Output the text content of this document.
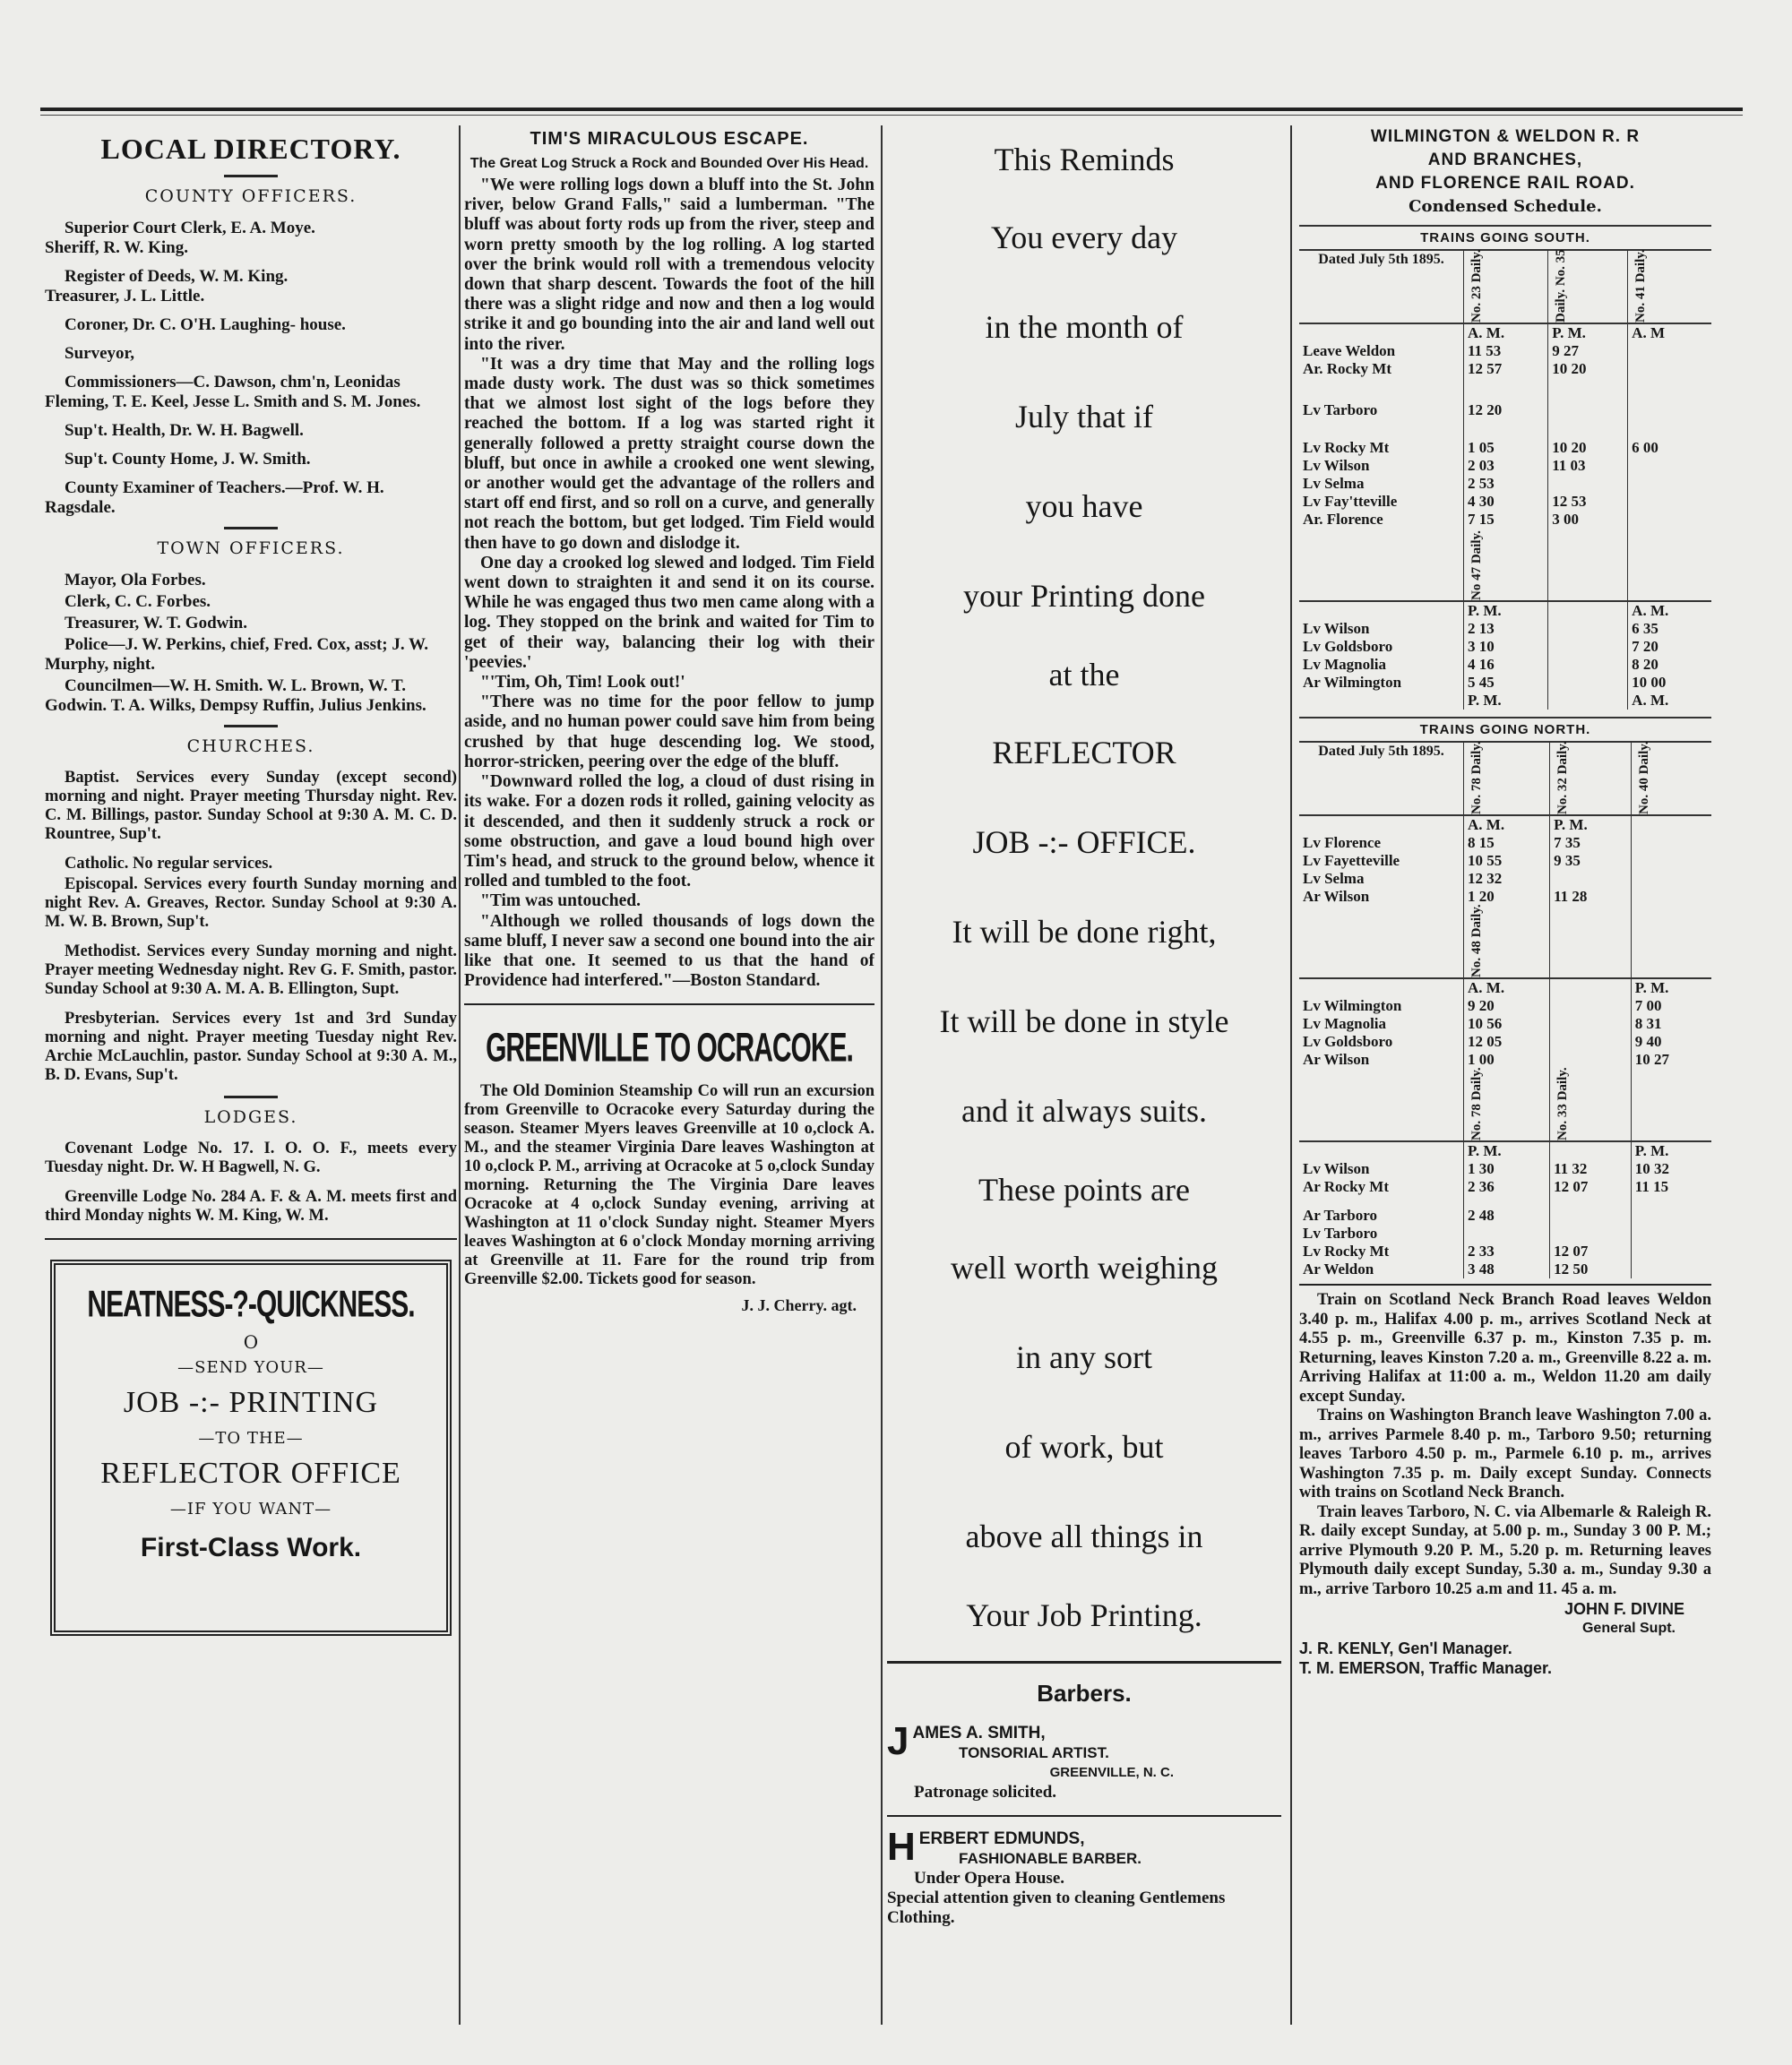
LOCAL DIRECTORY.
COUNTY OFFICERS.
Superior Court Clerk, E. A. Moye.
Sheriff, R. W. King.
Register of Deeds, W. M. King.
Treasurer, J. L. Little.
Coroner, Dr. C. O'H. Laughing- house.
Surveyor,
Commissioners—C. Dawson, chm'n, Leonidas Fleming, T. E. Keel, Jesse L. Smith and S. M. Jones.
Sup't. Health, Dr. W. H. Bagwell.
Sup't. County Home, J. W. Smith.
County Examiner of Teachers.—Prof. W. H. Ragsdale.
TOWN OFFICERS.
Mayor, Ola Forbes.
Clerk, C. C. Forbes.
Treasurer, W. T. Godwin.
Police—J. W. Perkins, chief, Fred. Cox, asst; J. W. Murphy, night.
Councilmen—W. H. Smith. W. L. Brown, W. T. Godwin. T. A. Wilks, Dempsy Ruffin, Julius Jenkins.
CHURCHES.
Baptist. Services every Sunday (except second) morning and night. Prayer meeting Thursday night. Rev. C. M. Billings, pastor. Sunday School at 9:30 A. M. C. D. Rountree, Sup't.
Catholic. No regular services.
Episcopal. Services every fourth Sunday morning and night Rev. A. Greaves, Rector. Sunday School at 9:30 A. M. W. B. Brown, Sup't.
Methodist. Services every Sunday morning and night. Prayer meeting Wednesday night. Rev G. F. Smith, pastor. Sunday School at 9:30 A. M. A. B. Ellington, Supt.
Presbyterian. Services every 1st and 3rd Sunday morning and night. Prayer meeting Tuesday night Rev. Archie McLauchlin, pastor. Sunday School at 9:30 A. M., B. D. Evans, Sup't.
LODGES.
Covenant Lodge No. 17. I. O. O. F., meets every Tuesday night. Dr. W. H Bagwell, N. G.
Greenville Lodge No. 284 A. F. & A. M. meets first and third Monday nights W. M. King, W. M.
NEATNESS-?-QUICKNESS.
O
—SEND YOUR—
JOB -:- PRINTING
—TO THE—
REFLECTOR OFFICE
—IF YOU WANT—
First-Class Work.
TIM'S MIRACULOUS ESCAPE.
The Great Log Struck a Rock and Bounded Over His Head.

"We were rolling logs down a bluff into the St. John river, below Grand Falls," said a lumberman. "The bluff was about forty rods up from the river, steep and worn pretty smooth by the log rolling. A log started over the brink would roll with a tremendous velocity down that sharp descent. Towards the foot of the hill there was a slight ridge and now and then a log would strike it and go bounding into the air and land well out into the river.

"It was a dry time that May and the rolling logs made dusty work. The dust was so thick sometimes that we almost lost sight of the logs before they reached the bottom. If a log was started right it generally followed a pretty straight course down the bluff, but once in awhile a crooked one went slewing, or another would get the advantage of the rollers and start off end first, and so roll on a curve, and generally not reach the bottom, but get lodged. Tim Field would then have to go down and dislodge it.

One day a crooked log slewed and lodged. Tim Field went down to straighten it and send it on its course. While he was engaged thus two men came along with a log. They stopped on the brink and waited for Tim to get of their way, balancing their log with their 'peevies.'

"'Tim, Oh, Tim! Look out!'

"There was no time for the poor fellow to jump aside, and no human power could save him from being crushed by that huge descending log. We stood, horror-stricken, peering over the edge of the bluff.

"Downward rolled the log, a cloud of dust rising in its wake. For a dozen rods it rolled, gaining velocity as it descended, and then it suddenly struck a rock or some obstruction, and gave a loud bound high over Tim's head, and struck to the ground below, whence it rolled and tumbled to the foot.

"Tim was untouched.

"Although we rolled thousands of logs down the same bluff, I never saw a second one bound into the air like that one. It seemed to us that the hand of Providence had interfered."—Boston Standard.

GREENVILLE TO OCRACOKE.

The Old Dominion Steamship Co will run an excursion from Greenville to Ocracoke every Saturday during the season. Steamer Myers leaves Greenville at 10 o,clock A. M., and the steamer Virginia Dare leaves Washington at 10 o,clock P. M., arriving at Ocracoke at 5 o,clock Sunday morning. Returning the The Virginia Dare leaves Ocracoke at 4 o,clock Sunday evening, arriving at Washington at 11 o'clock Sunday night. Steamer Myers leaves Washington at 6 o'clock Monday morning arriving at Greenville at 11. Fare for the round trip from Greenville $2.00. Tickets good for season.

J. J. Cherry. agt.
This Reminds
You every day
in the month of
July that if
you have
your Printing done
at the
REFLECTOR
JOB -:- OFFICE.
It will be done right,
It will be done in style
and it always suits.
These points are
well worth weighing
in any sort
of work, but
above all things in
Your Job Printing.
Barbers.
JAMES A. SMITH,
TONSORIAL ARTIST.
GREENVILLE, N. C.
Patronage solicited.
HERBERT EDMUNDS,
FASHIONABLE BARBER.
Under Opera House.
Special attention given to cleaning Gentlemens Clothing.
WILMINGTON & WELDON R. R
AND BRANCHES,
AND FLORENCE RAIL ROAD.
Condensed Schedule.
TRAINS GOING SOUTH.
Dated July 5th 1895.	No. 23 Daily.	Daily. No. 35	No. 41 Daily.

	A. M.	P. M.	A. M
Leave Weldon	11 53	9 27	
Ar. Rocky Mt	12 57	10 20	
Lv Tarboro	12 20		
Lv Rocky Mt	1 05	10 20	6 00
Lv Wilson	2 03	11 03	
Lv Selma	2 53		
Lv Fay'tteville	4 30	12 53	
Ar. Florence	7 15	3 00	

	No 47 Daily.		

	P. M.		A. M.
Lv Wilson	2 13		6 35
Lv Goldsboro	3 10		7 20
Lv Magnolia	4 16		8 20
Ar Wilmington	5 45		10 00
	P. M.		A. M.
TRAINS GOING NORTH.
Dated July 5th 1895.	No. 78 Daily.	No. 32 Daily.	No. 40 Daily.

	A. M.	P. M.	
Lv Florence	8 15	7 35	
Lv Fayetteville	10 55	9 35	
Lv Selma	12 32		
Ar Wilson	1 20	11 28	

	No. 48 Daily.		

	A. M.		P. M.
Lv Wilmington	9 20		7 00
Lv Magnolia	10 56		8 31
Lv Goldsboro	12 05		9 40
Ar Wilson	1 00		10 27

	No. 78 Daily.	No. 33 Daily.	

	P. M.		P. M.
Lv Wilson	1 30	11 32	10 32
Ar Rocky Mt	2 36	12 07	11 15
Ar Tarboro	2 48		
Lv Tarboro			
Lv Rocky Mt	2 33	12 07	
Ar Weldon	3 48	12 50	

Train on Scotland Neck Branch Road leaves Weldon 3.40 p. m., Halifax 4.00 p. m., arrives Scotland Neck at 4.55 p. m., Greenville 6.37 p. m., Kinston 7.35 p. m. Returning, leaves Kinston 7.20 a. m., Greenville 8.22 a. m. Arriving Halifax at 11:00 a. m., Weldon 11.20 am daily except Sunday.

Trains on Washington Branch leave Washington 7.00 a. m., arrives Parmele 8.40 p. m., Tarboro 9.50; returning leaves Tarboro 4.50 p. m., Parmele 6.10 p. m., arrives Washington 7.35 p. m. Daily except Sunday. Connects with trains on Scotland Neck Branch.

Train leaves Tarboro, N. C. via Albemarle & Raleigh R. R. daily except Sunday, at 5.00 p. m., Sunday 3 00 P. M.; arrive Plymouth 9.20 P. M., 5.20 p. m. Returning leaves Plymouth daily except Sunday, 5.30 a. m., Sunday 9.30 a m., arrive Tarboro 10.25 a.m and 11. 45 a. m.

JOHN F. DIVINE
General Supt.
J. R. KENLY, Gen'l Manager.
T. M. EMERSON, Traffic Manager.
